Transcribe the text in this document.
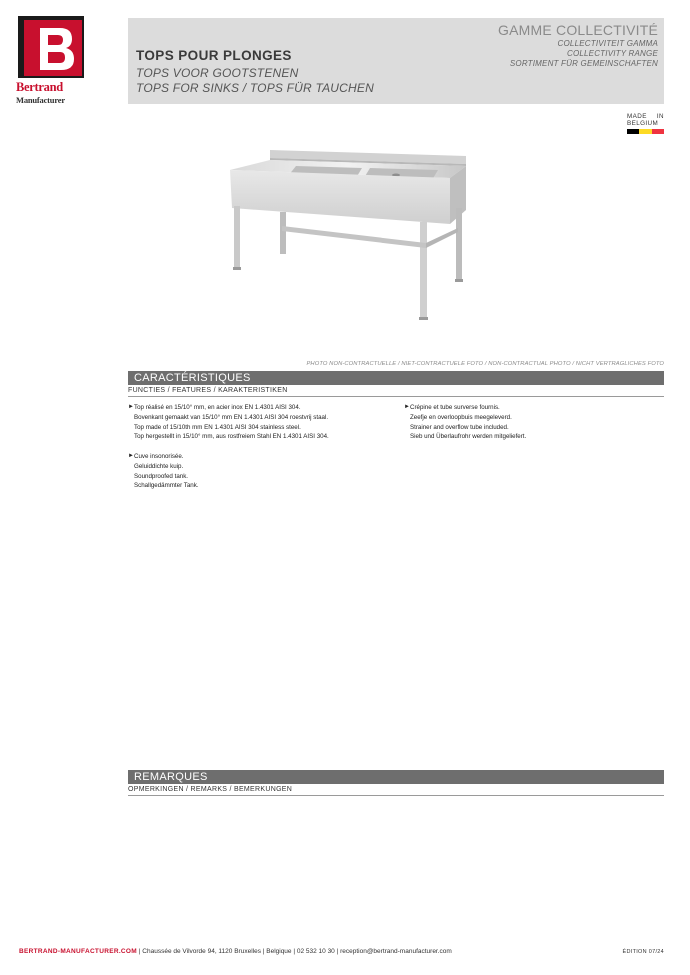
Bertrand
Manufacturer
TOPS POUR PLONGES
TOPS VOOR GOOTSTENEN
TOPS FOR SINKS / TOPS FÜR TAUCHEN
GAMME COLLECTIVITÉ
COLLECTIVITEIT GAMMA
COLLECTIVITY RANGE
SORTIMENT FÜR GEMEINSCHAFTEN
MADE IN
BELGIUM
PHOTO NON-CONTRACTUELLE / NIET-CONTRACTUELE FOTO / NON-CONTRACTUAL PHOTO / NICHT VERTRAGLICHES FOTO
CARACTÉRISTIQUES
FUNCTIES / FEATURES / KARAKTERISTIKEN
► Top réalisé en 15/10° mm, en acier inox EN 1.4301 AISI 304.
Bovenkant gemaakt van 15/10° mm EN 1.4301 AISI 304 roestvrij staal.
Top made of 15/10th mm EN 1.4301 AISI 304 stainless steel.
Top hergestellt in 15/10° mm, aus rostfreiem Stahl EN 1.4301 AISI 304.
► Cuve insonorisée.
Geluiddichte kuip.
Soundproofed tank.
Schallgedämmter Tank.
► Crépine et tube surverse fournis.
Zeefje en overloopbuis meegeleverd.
Strainer and overflow tube included.
Sieb und Überlaufrohr werden mitgeliefert.
REMARQUES
OPMERKINGEN / REMARKS / BEMERKUNGEN
BERTRAND-MANUFACTURER.COM | Chaussée de Vilvorde 94, 1120 Bruxelles | Belgique | 02 532 10 30 | reception@bertrand-manufacturer.com	ÉDITION 07/24
